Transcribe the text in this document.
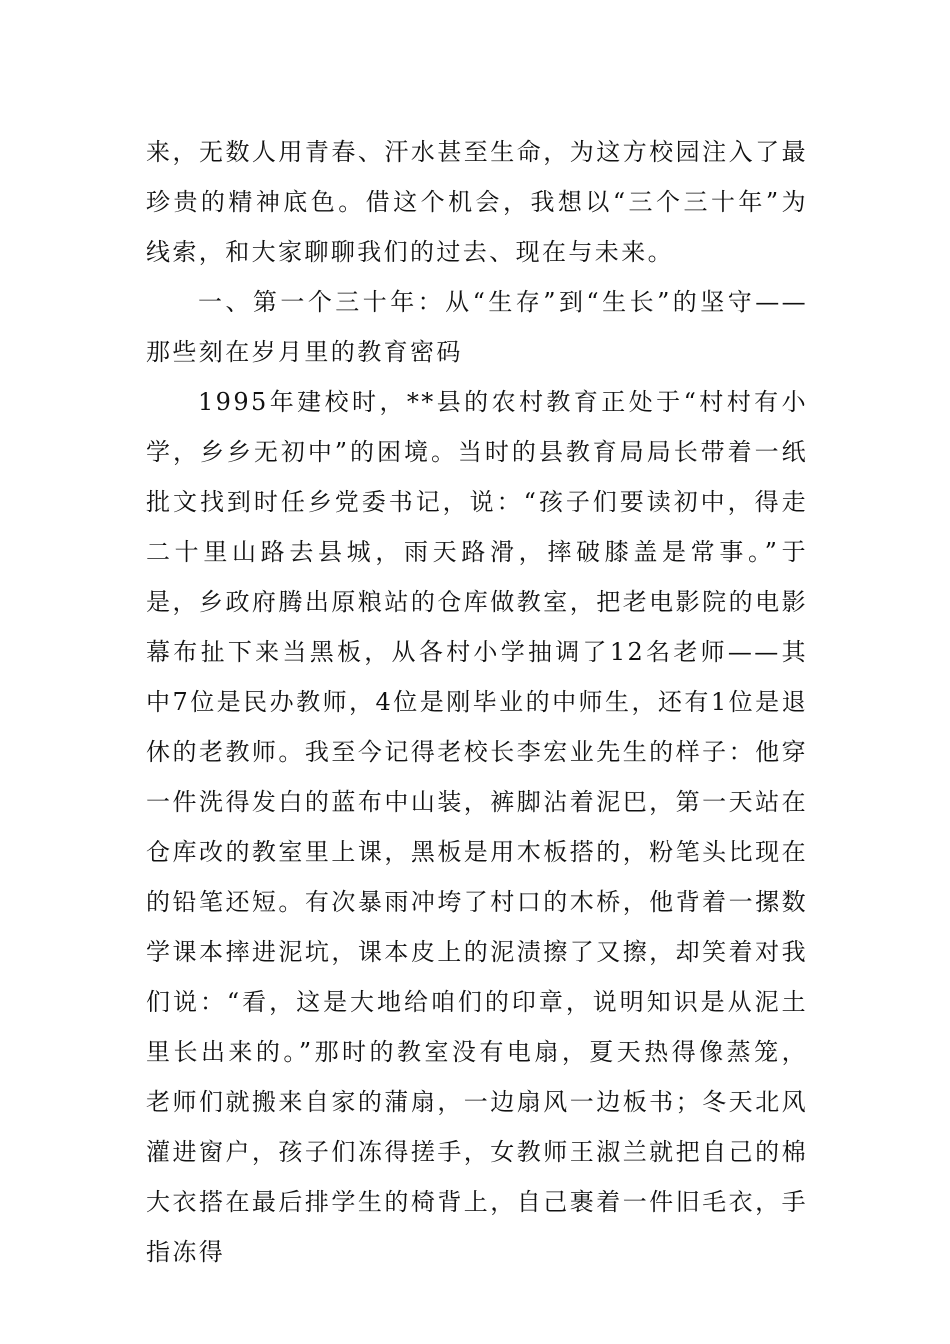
来，无数人用青春、汗水甚至生命，为这方校园注入了最珍贵的精神底色。借这个机会，我想以“三个三十年”为线索，和大家聊聊我们的过去、现在与未来。

一、第一个三十年：从“生存”到“生长”的坚守——那些刻在岁月里的教育密码

1995年建校时，**县的农村教育正处于“村村有小学，乡乡无初中”的困境。当时的县教育局局长带着一纸批文找到时任乡党委书记，说：“孩子们要读初中，得走二十里山路去县城，雨天路滑，摔破膝盖是常事。”于是，乡政府腾出原粮站的仓库做教室，把老电影院的电影幕布扯下来当黑板，从各村小学抽调了12名老师——其中7位是民办教师，4位是刚毕业的中师生，还有1位是退休的老教师。我至今记得老校长李宏业先生的样子：他穿一件洗得发白的蓝布中山装，裤脚沾着泥巴，第一天站在仓库改的教室里上课，黑板是用木板搭的，粉笔头比现在的铅笔还短。有次暴雨冲垮了村口的木桥，他背着一摞数学课本摔进泥坑，课本皮上的泥渍擦了又擦，却笑着对我们说：“看，这是大地给咱们的印章，说明知识是从泥土里长出来的。”那时的教室没有电扇，夏天热得像蒸笼，老师们就搬来自家的蒲扇，一边扇风一边板书；冬天北风灌进窗户，孩子们冻得搓手，女教师王淑兰就把自己的棉大衣搭在最后排学生的椅背上，自己裹着一件旧毛衣，手指冻得
